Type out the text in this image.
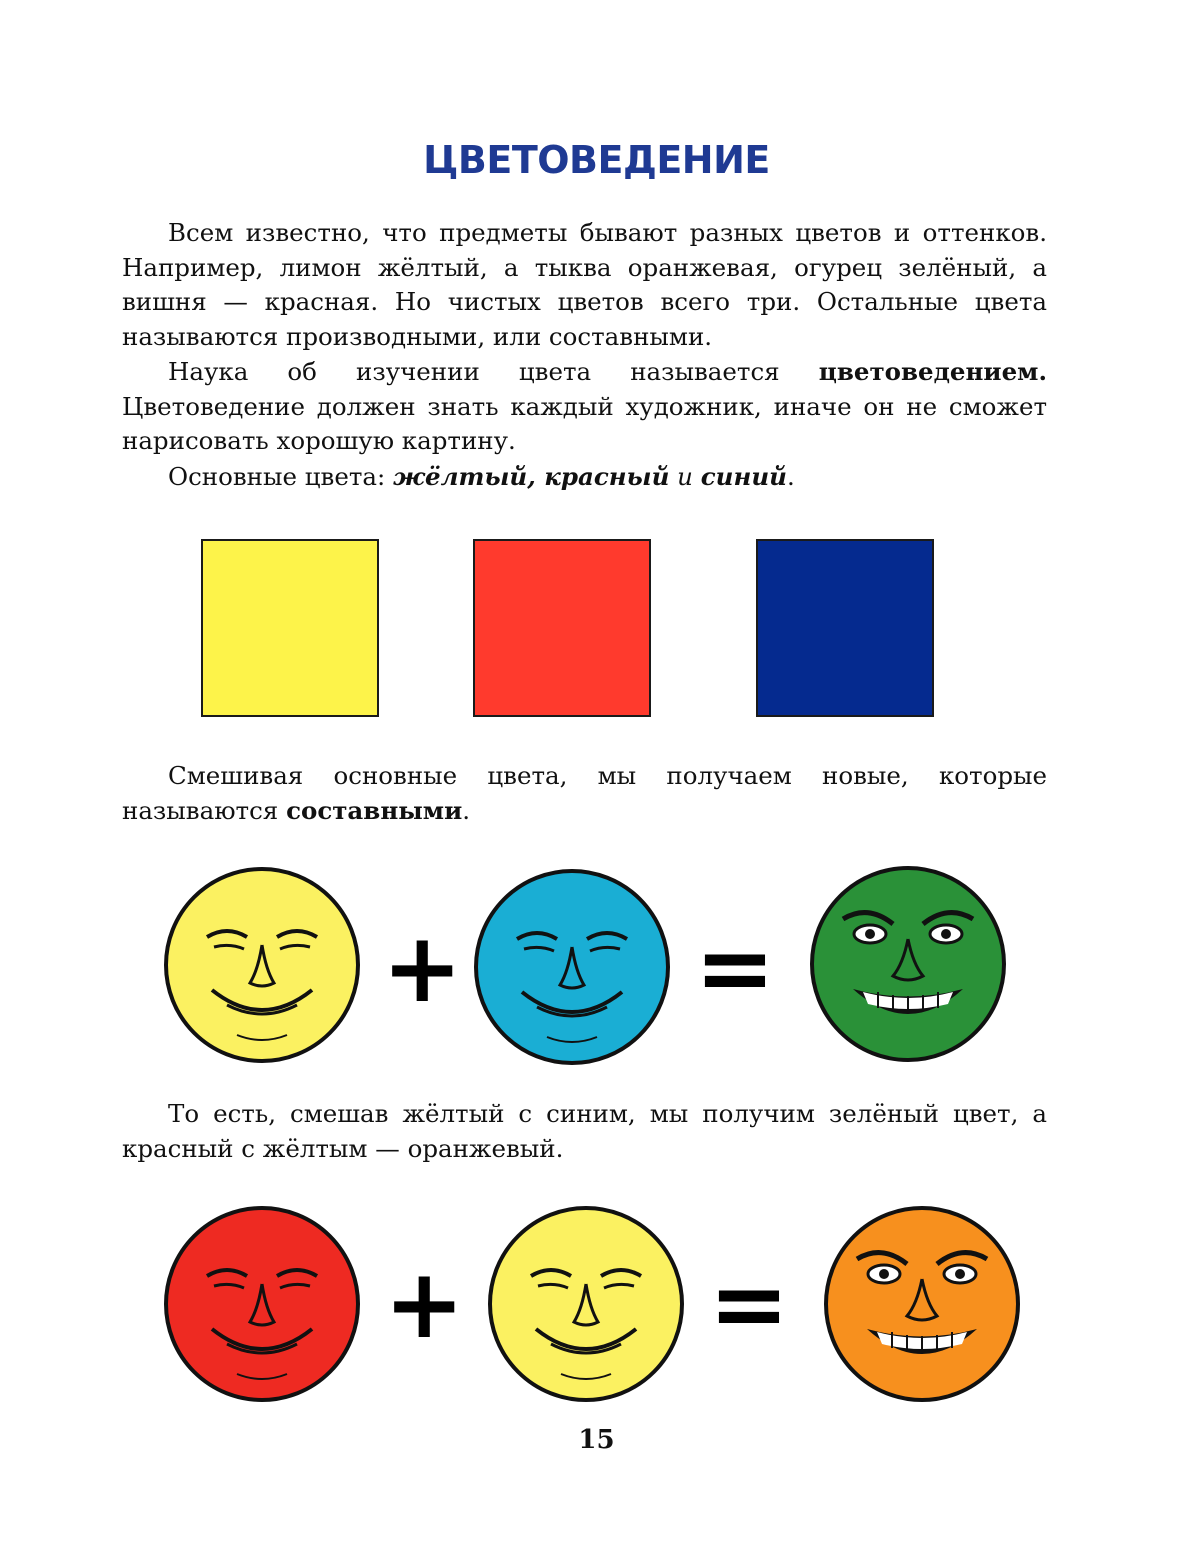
ЦВЕТОВЕДЕНИЕ
Всем известно, что предметы бывают разных цветов и оттенков. Например, лимон жёлтый, а тыква оранжевая, огурец зелёный, а вишня — красная. Но чистых цветов всего три. Остальные цвета называются производными, или составными.
Наука об изучении цвета называется цветоведением. Цветоведение должен знать каждый художник, иначе он не сможет нарисовать хорошую картину.
Основные цвета: жёлтый, красный и синий.
Смешивая основные цвета, мы получаем новые, которые называются составными.
+ =
То есть, смешав жёлтый с синим, мы получим зелёный цвет, а красный с жёлтым — оранжевый.
+	=
15
